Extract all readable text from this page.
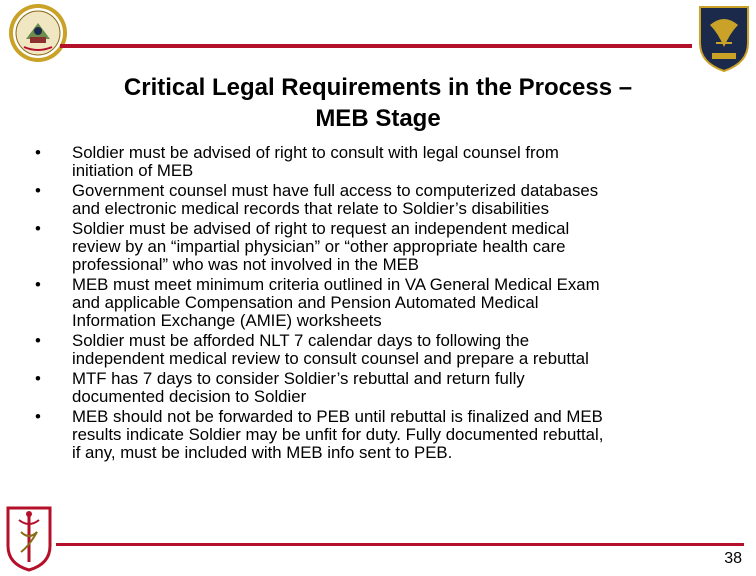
Critical Legal Requirements in the Process –
MEB Stage
•	Soldier must be advised of right to consult with legal counsel from
initiation of MEB
•	Government counsel must have full access to computerized databases
and electronic medical records that relate to Soldier’s disabilities
•	Soldier must be advised of right to request an independent medical
review by an “impartial physician” or “other appropriate health care
professional” who was not involved in the MEB
•	MEB must meet minimum criteria outlined in VA General Medical Exam
and applicable Compensation and Pension Automated Medical
Information Exchange (AMIE) worksheets
•	Soldier must be afforded NLT 7 calendar days to following the
independent medical review to consult counsel and prepare a rebuttal
•	MTF has 7 days to consider Soldier’s rebuttal and return fully
documented decision to Soldier
•	MEB should not be forwarded to PEB until rebuttal is finalized and MEB
results indicate Soldier may be unfit for duty. Fully documented rebuttal,
if any, must be included with MEB info sent to PEB.
38
